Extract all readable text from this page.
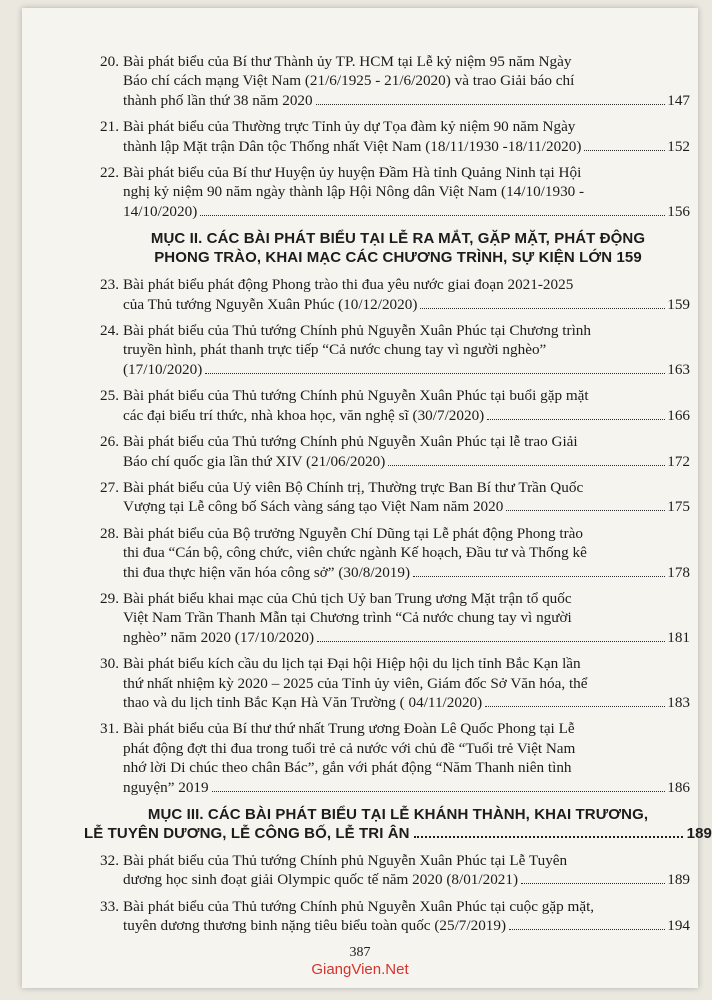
20. Bài phát biểu của Bí thư Thành ủy TP. HCM tại Lễ kỷ niệm 95 năm Ngày
Báo chí cách mạng Việt Nam (21/6/1925 - 21/6/2020) và trao Giải báo chí
thành phố lần thứ 38 năm 2020	147
21. Bài phát biểu của Thường trực Tỉnh ủy dự Tọa đàm kỷ niệm 90 năm Ngày
thành lập Mặt trận Dân tộc Thống nhất Việt Nam (18/11/1930 -18/11/2020)	152
22. Bài phát biểu của Bí thư Huyện ủy huyện Đầm Hà tỉnh Quảng Ninh tại Hội
nghị kỷ niệm 90 năm ngày thành lập Hội Nông dân Việt Nam (14/10/1930 -
14/10/2020)	156
MỤC II. CÁC BÀI PHÁT BIỂU TẠI LỄ RA MẮT, GẶP MẶT, PHÁT ĐỘNG
PHONG TRÀO, KHAI MẠC CÁC CHƯƠNG TRÌNH, SỰ KIỆN LỚN 159
23. Bài phát biểu phát động Phong trào thi đua yêu nước giai đoạn 2021-2025
của Thủ tướng Nguyễn Xuân Phúc (10/12/2020)	159
24. Bài phát biểu của Thủ tướng Chính phủ Nguyễn Xuân Phúc tại Chương trình
truyền hình, phát thanh trực tiếp “Cả nước chung tay vì người nghèo”
(17/10/2020)	163
25. Bài phát biểu của Thủ tướng Chính phủ Nguyễn Xuân Phúc tại buổi gặp mặt
các đại biểu trí thức, nhà khoa học, văn nghệ sĩ (30/7/2020)	166
26. Bài phát biểu của Thủ tướng Chính phủ Nguyễn Xuân Phúc tại lễ trao Giải
Báo chí quốc gia lần thứ XIV (21/06/2020)	172
27. Bài phát biểu của Uỷ viên Bộ Chính trị, Thường trực Ban Bí thư Trần Quốc
Vượng tại Lễ công bố Sách vàng sáng tạo Việt Nam năm 2020	175
28. Bài phát biểu của Bộ trưởng Nguyễn Chí Dũng tại Lễ phát động Phong trào
thi đua “Cán bộ, công chức, viên chức ngành Kế hoạch, Đầu tư và Thống kê
thi đua thực hiện văn hóa công sở” (30/8/2019)	178
29. Bài phát biểu khai mạc của Chủ tịch Uỷ ban Trung ương Mặt trận tổ quốc
Việt Nam Trần Thanh Mẫn tại Chương trình “Cả nước chung tay vì người
nghèo” năm 2020 (17/10/2020)	181
30. Bài phát biểu kích cầu du lịch tại Đại hội Hiệp hội du lịch tỉnh Bắc Kạn lần
thứ nhất nhiệm kỳ 2020 – 2025 của Tỉnh ủy viên, Giám đốc Sở Văn hóa, thể
thao và du lịch tỉnh Bắc Kạn Hà Văn Trường ( 04/11/2020)	183
31. Bài phát biểu của Bí thư thứ nhất Trung ương Đoàn Lê Quốc Phong tại Lễ
phát động đợt thi đua trong tuổi trẻ cả nước với chủ đề “Tuổi trẻ Việt Nam
nhớ lời Di chúc theo chân Bác”, gắn với phát động “Năm Thanh niên tình
nguyện” 2019	186
MỤC III. CÁC BÀI PHÁT BIỂU TẠI LỄ KHÁNH THÀNH, KHAI TRƯƠNG,
LỄ TUYÊN DƯƠNG, LỄ CÔNG BỐ, LỄ TRI ÂN	189
32. Bài phát biểu của Thủ tướng Chính phủ Nguyễn Xuân Phúc tại Lễ Tuyên
dương học sinh đoạt giải Olympic quốc tế năm 2020 (8/01/2021)	189
33. Bài phát biểu của Thủ tướng Chính phủ Nguyễn Xuân Phúc tại cuộc gặp mặt,
tuyên dương thương binh nặng tiêu biểu toàn quốc (25/7/2019)	194
387
GiangVien.Net
